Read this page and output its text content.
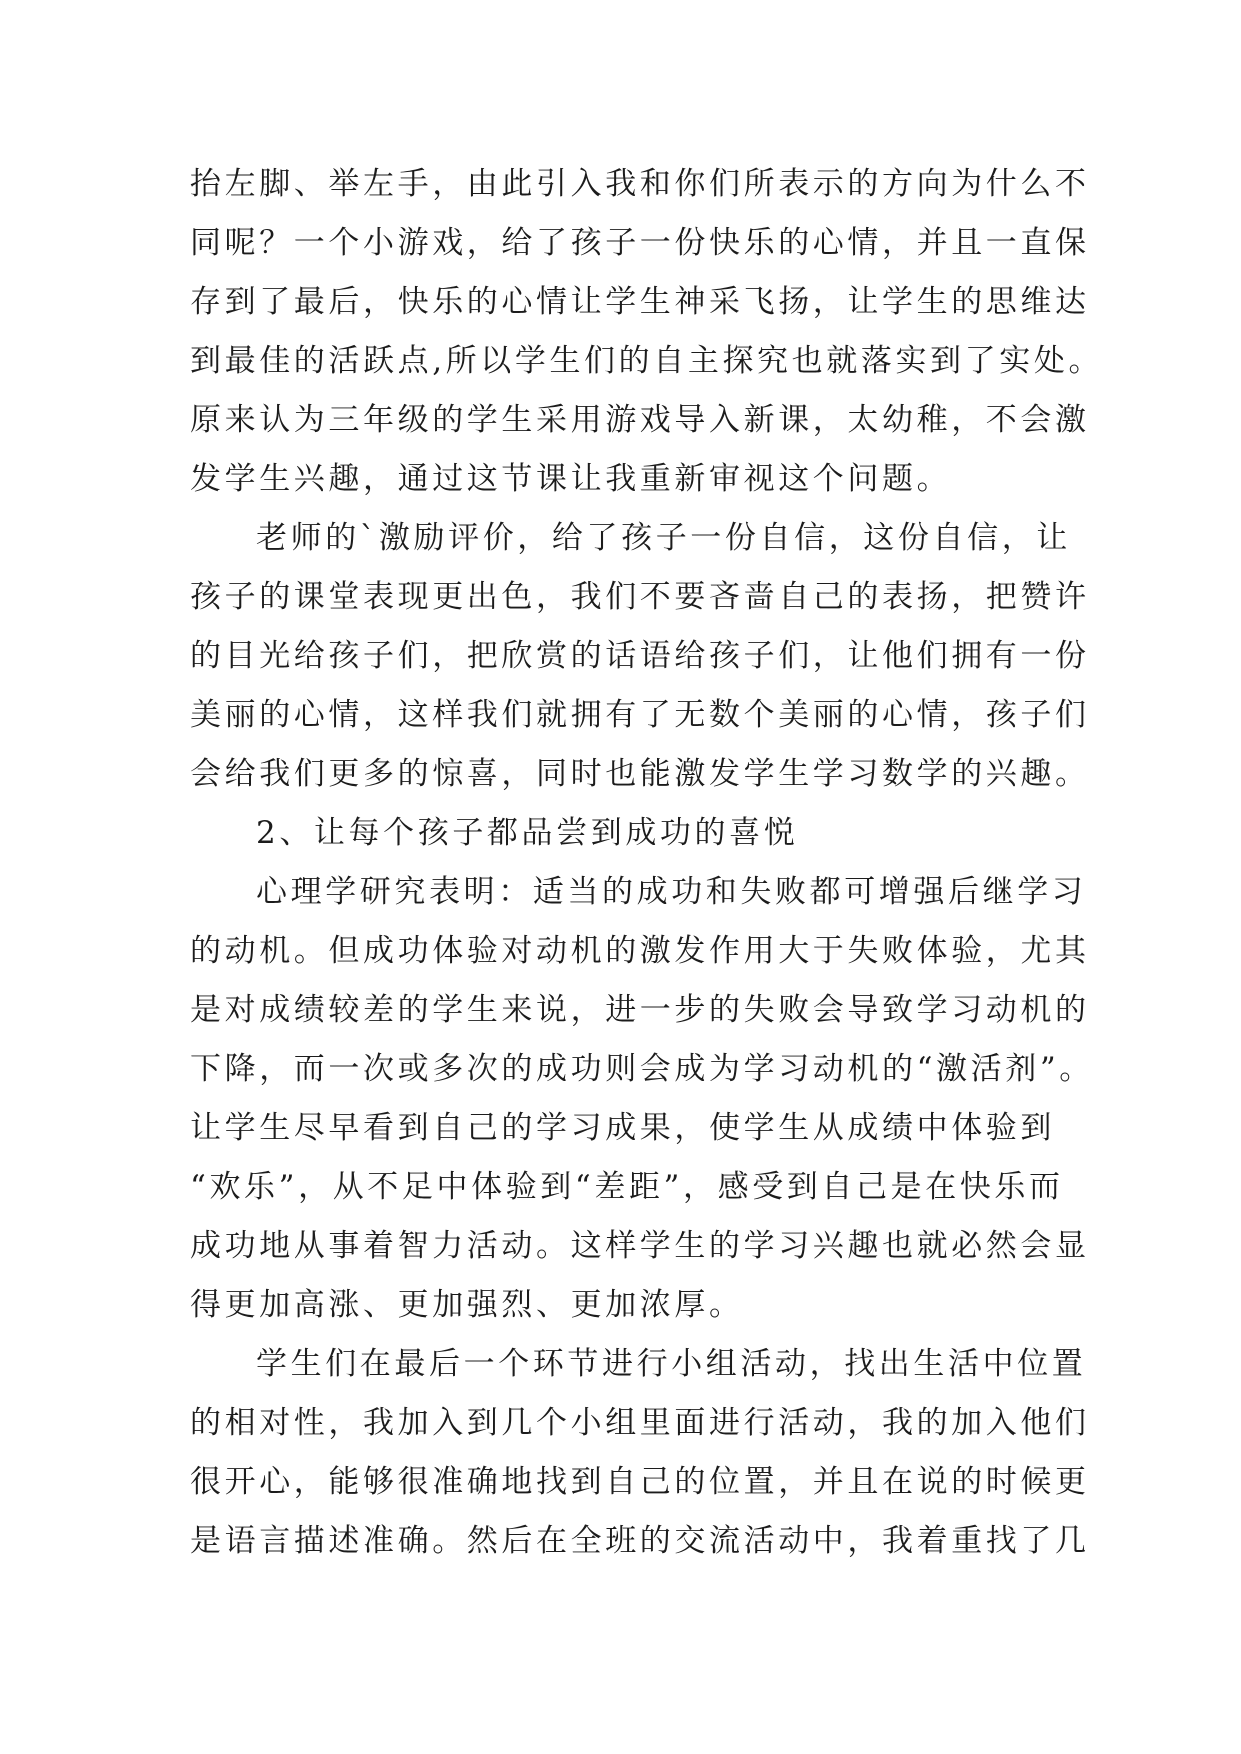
抬左脚、举左手，由此引入我和你们所表示的方向为什么不
同呢？一个小游戏，给了孩子一份快乐的心情，并且一直保
存到了最后，快乐的心情让学生神采飞扬，让学生的思维达
到最佳的活跃点,所以学生们的自主探究也就落实到了实处。
原来认为三年级的学生采用游戏导入新课，太幼稚，不会激
发学生兴趣，通过这节课让我重新审视这个问题。
老师的`激励评价，给了孩子一份自信，这份自信，让
孩子的课堂表现更出色，我们不要吝啬自己的表扬，把赞许
的目光给孩子们，把欣赏的话语给孩子们，让他们拥有一份
美丽的心情，这样我们就拥有了无数个美丽的心情，孩子们
会给我们更多的惊喜，同时也能激发学生学习数学的兴趣。
2、让每个孩子都品尝到成功的喜悦
心理学研究表明：适当的成功和失败都可增强后继学习
的动机。但成功体验对动机的激发作用大于失败体验，尤其
是对成绩较差的学生来说，进一步的失败会导致学习动机的
下降，而一次或多次的成功则会成为学习动机的“激活剂”。
让学生尽早看到自己的学习成果，使学生从成绩中体验到
“欢乐”，从不足中体验到“差距”，感受到自己是在快乐而
成功地从事着智力活动。这样学生的学习兴趣也就必然会显
得更加高涨、更加强烈、更加浓厚。
学生们在最后一个环节进行小组活动，找出生活中位置
的相对性，我加入到几个小组里面进行活动，我的加入他们
很开心，能够很准确地找到自己的位置，并且在说的时候更
是语言描述准确。然后在全班的交流活动中，我着重找了几
